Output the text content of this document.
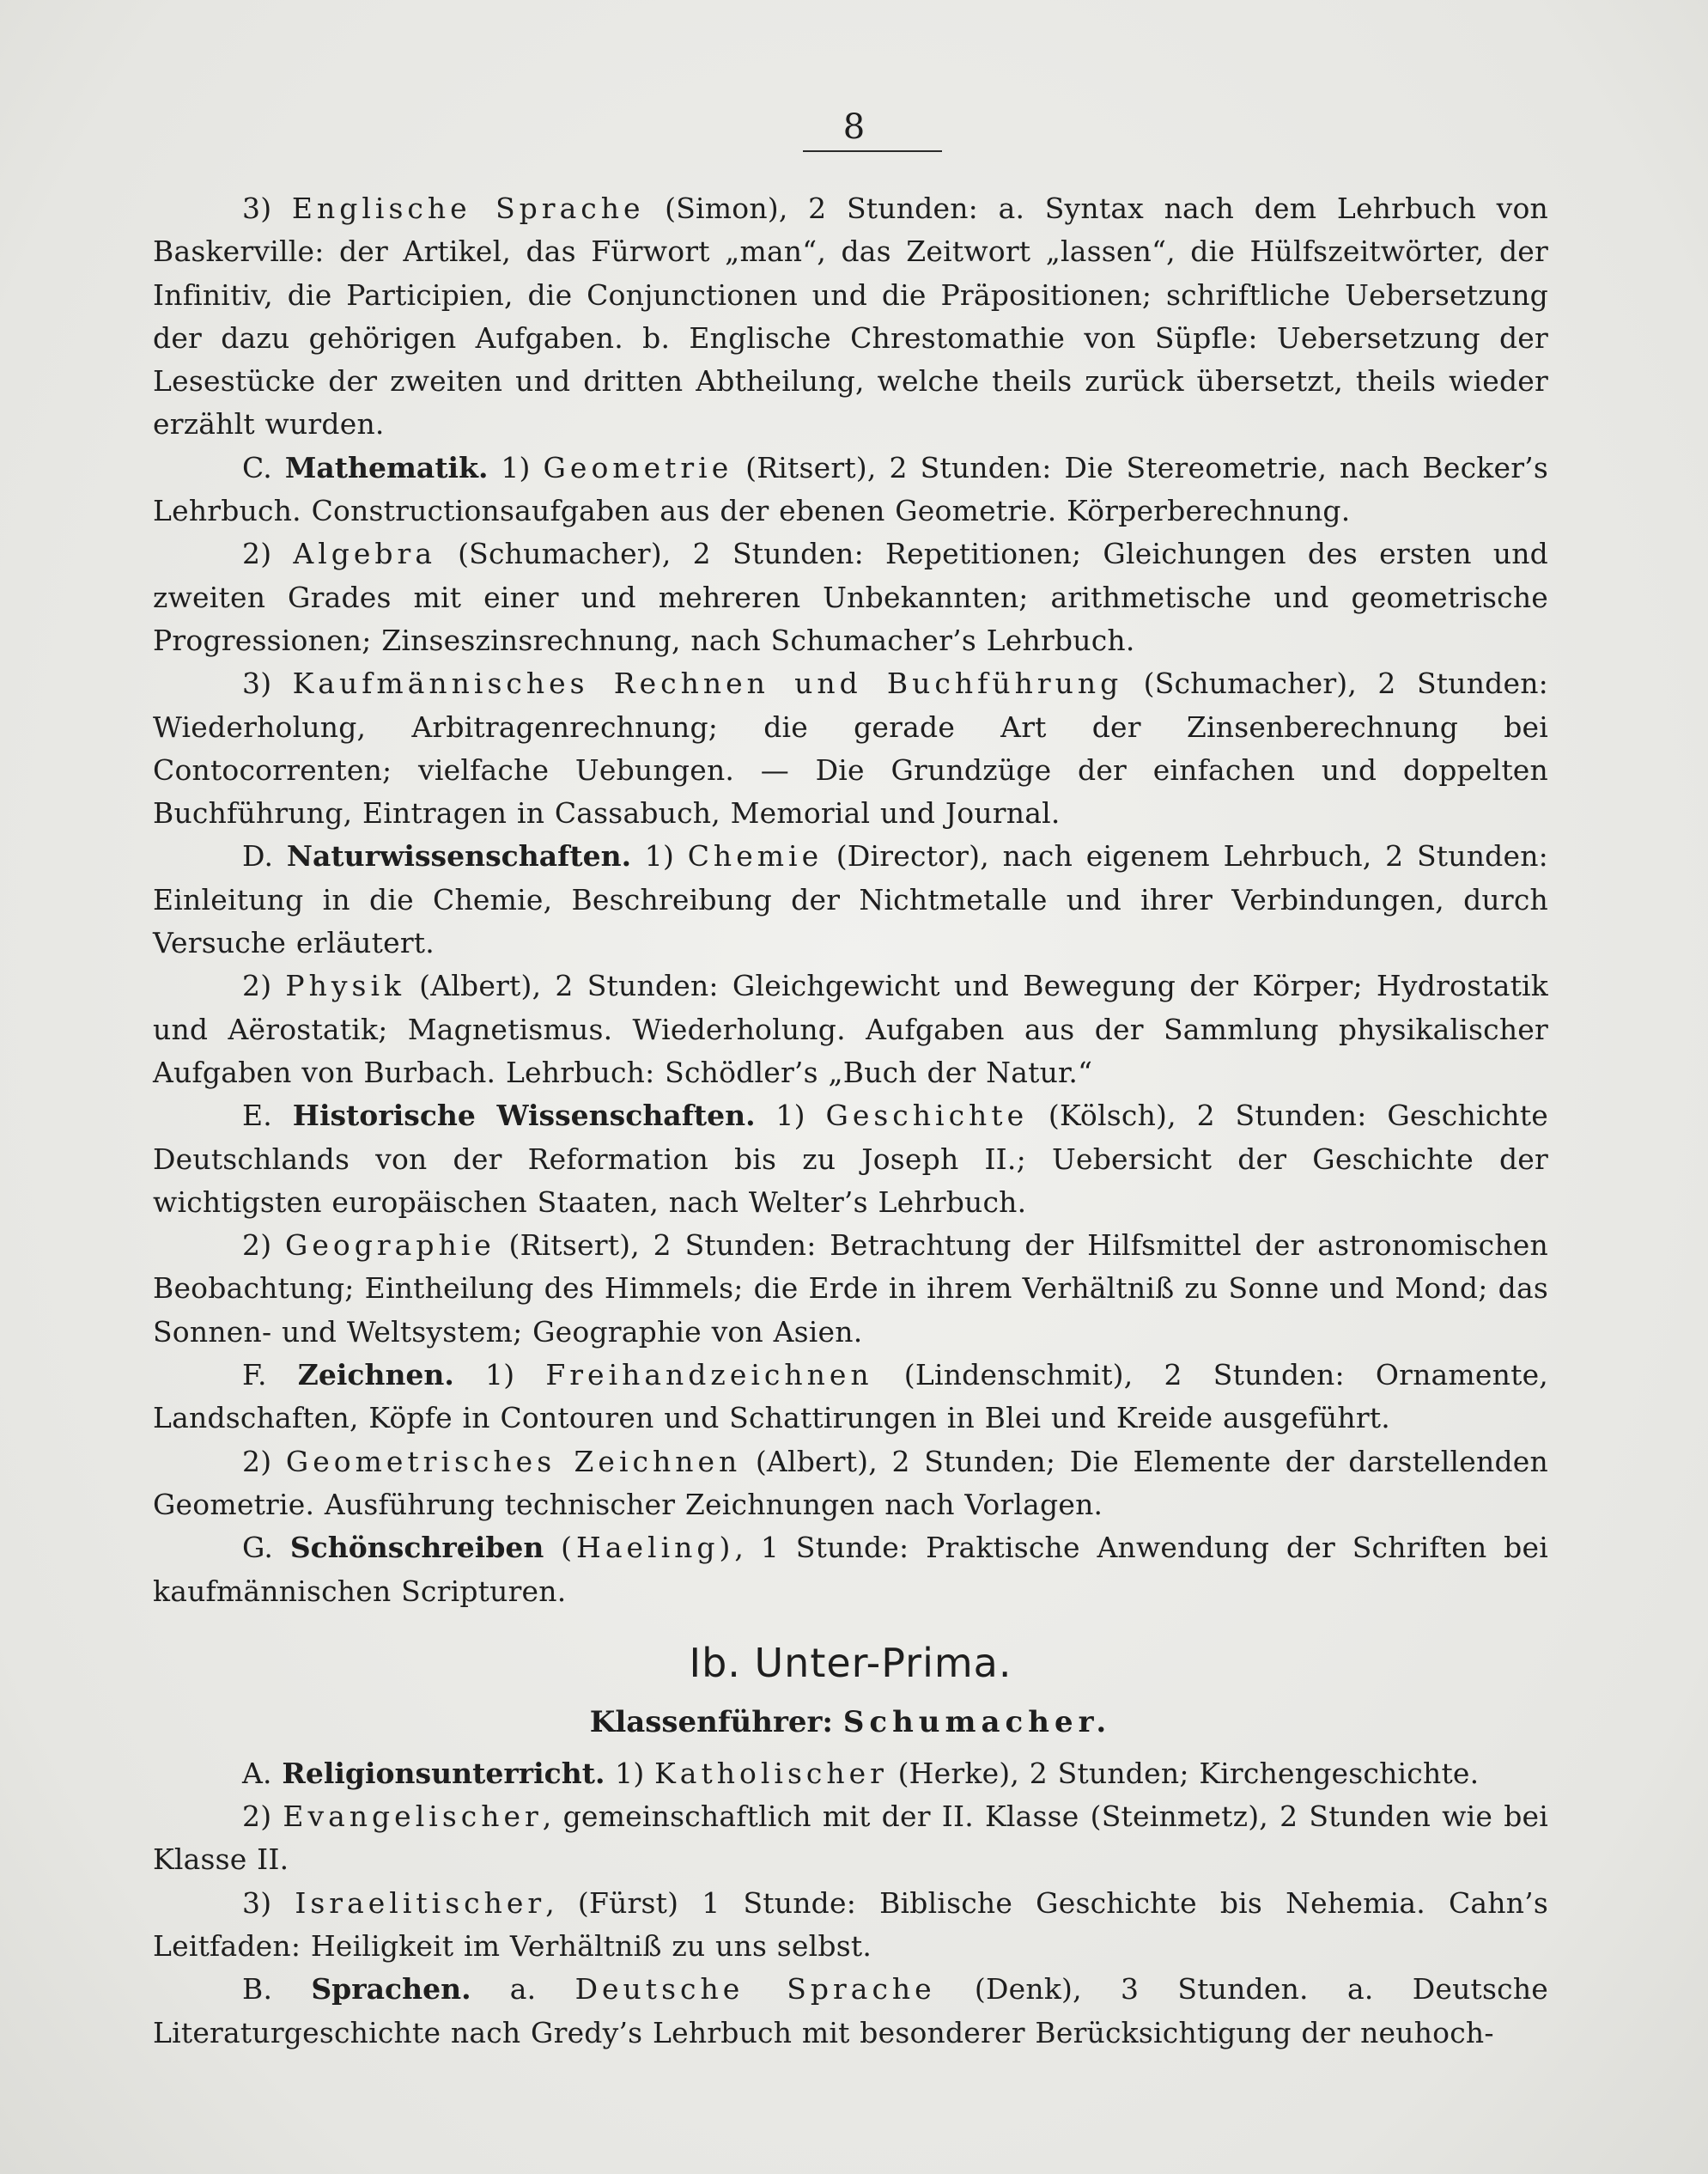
8

3) Englische Sprache (Simon), 2 Stunden: a. Syntax nach dem Lehrbuch von Baskerville: der Artikel, das Fürwort „man“, das Zeitwort „lassen“, die Hülfszeitwörter, der Infinitiv, die Participien, die Conjunctionen und die Präpositionen; schriftliche Uebersetzung der dazu gehörigen Aufgaben. b. Englische Chrestomathie von Süpfle: Uebersetzung der Lesestücke der zweiten und dritten Abtheilung, welche theils zurück übersetzt, theils wieder erzählt wurden.

C. Mathematik. 1) Geometrie (Ritsert), 2 Stunden: Die Stereometrie, nach Becker’s Lehrbuch. Constructionsaufgaben aus der ebenen Geometrie. Körperberechnung.

2) Algebra (Schumacher), 2 Stunden: Repetitionen; Gleichungen des ersten und zweiten Grades mit einer und mehreren Unbekannten; arithmetische und geometrische Progressionen; Zinseszinsrechnung, nach Schumacher’s Lehrbuch.

3) Kaufmännisches Rechnen und Buchführung (Schumacher), 2 Stunden: Wiederholung, Arbitragenrechnung; die gerade Art der Zinsenberechnung bei Contocorrenten; vielfache Uebungen. — Die Grundzüge der einfachen und doppelten Buchführung, Eintragen in Cassabuch, Memorial und Journal.

D. Naturwissenschaften. 1) Chemie (Director), nach eigenem Lehrbuch, 2 Stunden: Einleitung in die Chemie, Beschreibung der Nichtmetalle und ihrer Verbindungen, durch Versuche erläutert.

2) Physik (Albert), 2 Stunden: Gleichgewicht und Bewegung der Körper; Hydrostatik und Aërostatik; Magnetismus. Wiederholung. Aufgaben aus der Sammlung physikalischer Aufgaben von Burbach. Lehrbuch: Schödler’s „Buch der Natur.“

E. Historische Wissenschaften. 1) Geschichte (Kölsch), 2 Stunden: Geschichte Deutschlands von der Reformation bis zu Joseph II.; Uebersicht der Geschichte der wichtigsten europäischen Staaten, nach Welter’s Lehrbuch.

2) Geographie (Ritsert), 2 Stunden: Betrachtung der Hilfsmittel der astronomischen Beobachtung; Eintheilung des Himmels; die Erde in ihrem Verhältniß zu Sonne und Mond; das Sonnen- und Weltsystem; Geographie von Asien.

F. Zeichnen. 1) Freihandzeichnen (Lindenschmit), 2 Stunden: Ornamente, Landschaften, Köpfe in Contouren und Schattirungen in Blei und Kreide ausgeführt.

2) Geometrisches Zeichnen (Albert), 2 Stunden; Die Elemente der darstellenden Geometrie. Ausführung technischer Zeichnungen nach Vorlagen.

G. Schönschreiben (Haeling), 1 Stunde: Praktische Anwendung der Schriften bei kaufmännischen Scripturen.

Ib. Unter-Prima.
Klassenführer: Schumacher.

A. Religionsunterricht. 1) Katholischer (Herke), 2 Stunden; Kirchengeschichte.

2) Evangelischer, gemeinschaftlich mit der II. Klasse (Steinmetz), 2 Stunden wie bei Klasse II.

3) Israelitischer, (Fürst) 1 Stunde: Biblische Geschichte bis Nehemia. Cahn’s Leitfaden: Heiligkeit im Verhältniß zu uns selbst.

B. Sprachen. a. Deutsche Sprache (Denk), 3 Stunden. a. Deutsche Literaturgeschichte nach Gredy’s Lehrbuch mit besonderer Berücksichtigung der neuhoch-
